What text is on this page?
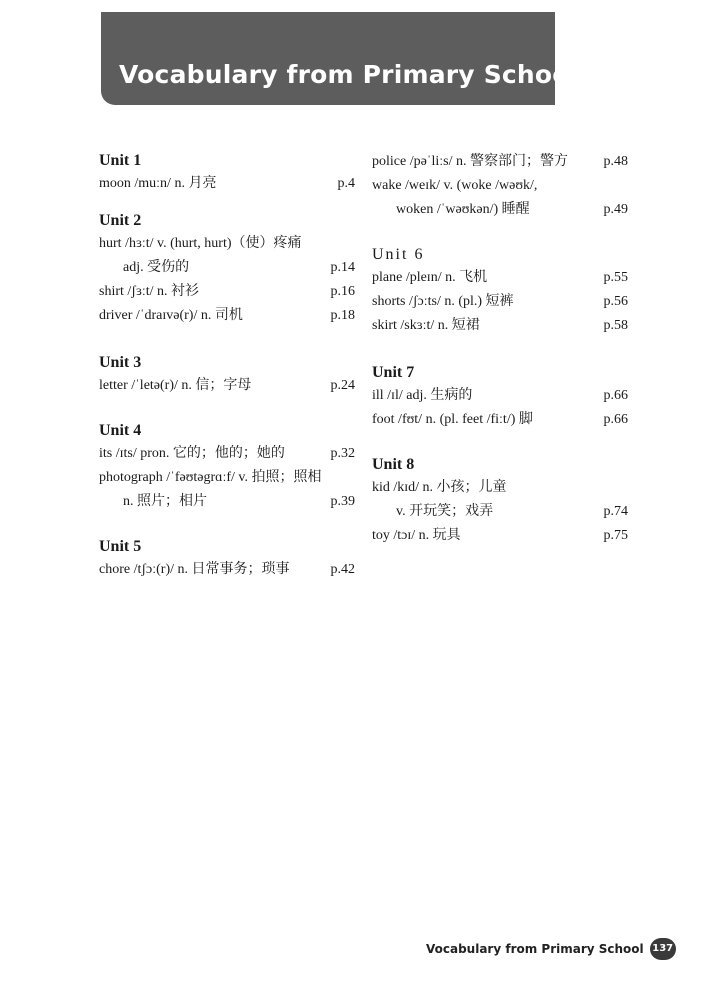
Vocabulary from Primary School
Unit 1
moon /muːn/ n. 月亮	p.4
Unit 2
hurt /hɜːt/ v. (hurt, hurt)（使）疼痛
adj. 受伤的	p.14
shirt /ʃɜːt/ n. 衬衫	p.16
driver /ˈdraɪvə(r)/ n. 司机	p.18
Unit 3
letter /ˈletə(r)/ n. 信；字母	p.24
Unit 4
its /ɪts/ pron. 它的；他的；她的	p.32
photograph /ˈfəʊtəgrɑːf/ v. 拍照；照相
n. 照片；相片	p.39
Unit 5
chore /tʃɔː(r)/ n. 日常事务；琐事	p.42
police /pəˈliːs/ n. 警察部门；警方	p.48
wake /weɪk/ v. (woke /wəʊk/,
woken /ˈwəʊkən/) 睡醒	p.49
Unit 6
plane /pleɪn/ n. 飞机	p.55
shorts /ʃɔːts/ n. (pl.) 短裤	p.56
skirt /skɜːt/ n. 短裙	p.58
Unit 7
ill /ɪl/ adj. 生病的	p.66
foot /fʊt/ n. (pl. feet /fiːt/) 脚	p.66
Unit 8
kid /kɪd/ n. 小孩；儿童
v. 开玩笑；戏弄	p.74
toy /tɔɪ/ n. 玩具	p.75
Vocabulary from Primary School 137
